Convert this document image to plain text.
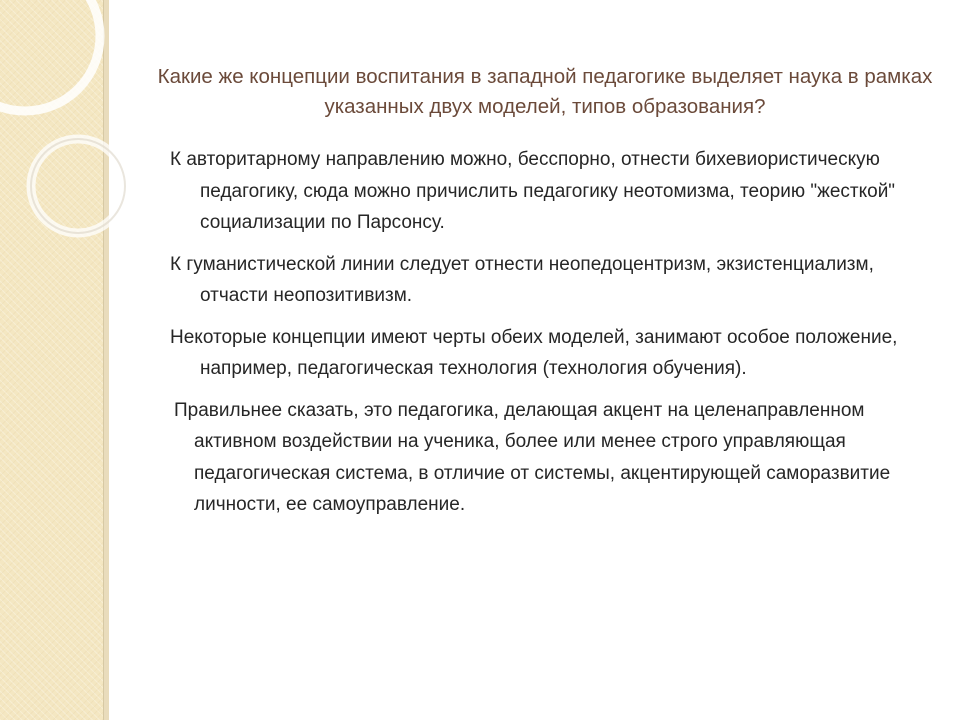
Какие же концепции воспитания в западной педагогике выделяет наука в рамках указанных двух моделей, типов образования?

К авторитарному направлению можно, бесспорно, отнести бихевиористическую педагогику, сюда можно причислить педагогику неотомизма, теорию "жесткой" социализации по Парсонсу.

К гуманистической линии следует отнести неопедоцентризм, экзистенциализм, отчасти неопозитивизм.

Некоторые концепции имеют черты обеих моделей, занимают особое положение, например, педагогическая технология (технология обучения).

Правильнее сказать, это педагогика, делающая акцент на целенаправленном активном воздействии на ученика, более или менее строго управляющая педагогическая система, в отличие от системы, акцентирующей саморазвитие личности, ее самоуправление.
